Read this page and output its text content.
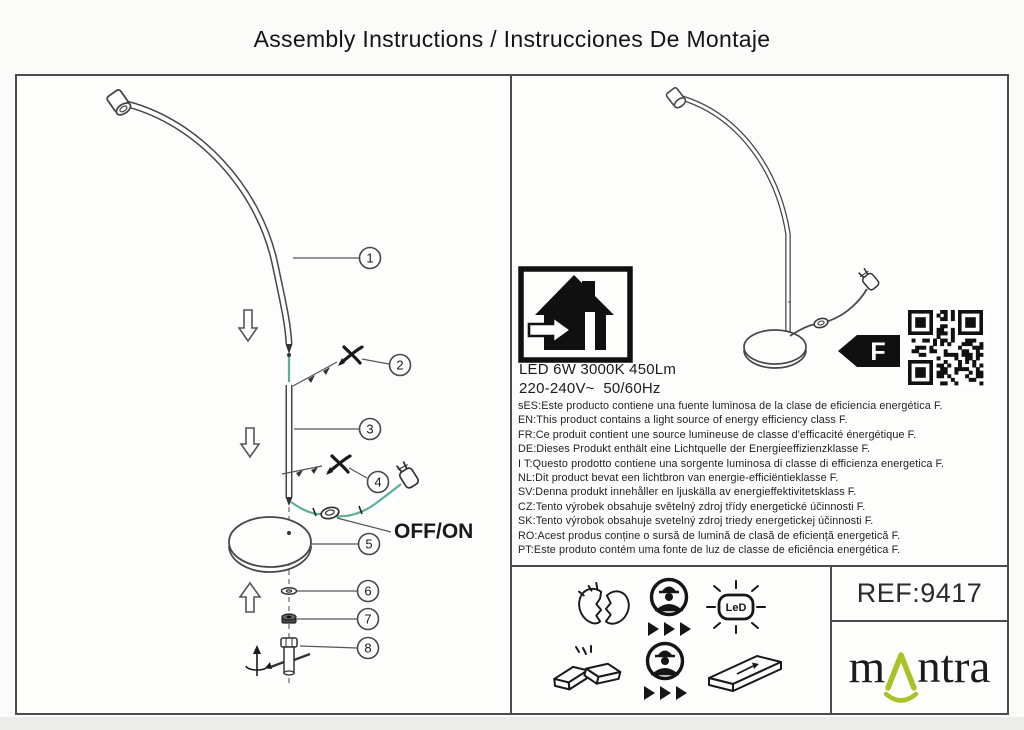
Assembly Instructions / Instrucciones De Montaje
OFF/ON
1
2
3
4
5
6
7
8
F
LED 6W 3000K 450Lm
220-240V~  50/60Hz
sES:Este producto contiene una fuente luminosa de la clase de eficiencia energética F.
EN:This product contains a light source of energy efficiency class F.
FR:Ce produit contient une source lumineuse de classe d'efficacité énergétique F.
DE:Dieses Produkt enthält eine Lichtquelle der Energieeffizienzklasse F.
I T:Questo prodotto contiene una sorgente luminosa di classe di efficienza energetica F.
NL:Dit product bevat een lichtbron van energie-efficiëntieklasse F.
SV:Denna produkt innehåller en ljuskälla av energieffektivitetsklass F.
CZ:Tento výrobek obsahuje světelný zdroj třídy energetické účinnosti F.
SK:Tento výrobok obsahuje svetelný zdroj triedy energetickej účinnosti F.
RO:Acest produs conține o sursă de lumină de clasă de eficiență energetică F.
PT:Este produto contém uma fonte de luz de classe de eficiência energética F.
LeD	REF:9417
m ntra
